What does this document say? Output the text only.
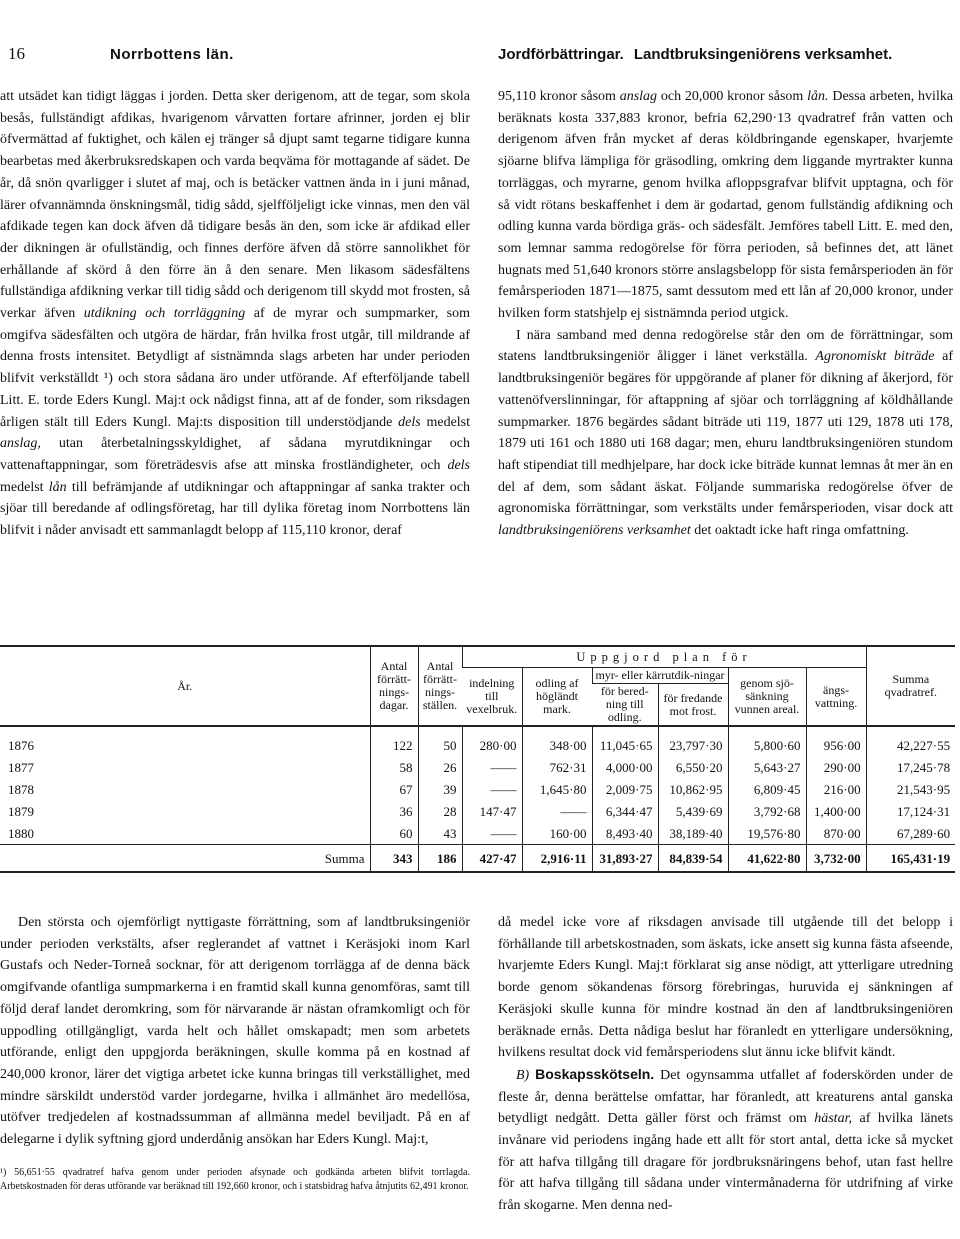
16	Norrbottens län.	Jordförbättringar. Landtbruksingeniörens verksamhet.

att utsädet kan tidigt läggas i jorden. Detta sker derigenom, att de tegar, som skola besås, fullständigt afdikas, hvarigenom vårvatten fortare afrinner, jorden ej blir öfvermättad af fuktighet, och kälen ej tränger så djupt samt tegarne tidigare kunna bearbetas med åkerbruksredskapen och varda beqväma för mottagande af sädet. De år, då snön qvarligger i slutet af maj, och is betäcker vattnen ända in i juni månad, lärer ofvannämnda önskningsmål, tidig sådd, sjelfföljeligt icke vinnas, men den väl afdikade tegen kan dock äfven då tidigare besås än den, som icke är afdikad eller der dikningen är ofullständig, och finnes derföre äfven då större sannolikhet för erhållande af skörd å den förre än å den senare. Men likasom sädesfältens fullständiga afdikning verkar till tidig sådd och derigenom till skydd mot frosten, så verkar äfven utdikning och torrläggning af de myrar och sumpmarker, som omgifva sädesfälten och utgöra de härdar, från hvilka frost utgår, till mildrande af denna frosts intensitet. Betydligt af sistnämnda slags arbeten har under perioden blifvit verkställdt ¹) och stora sådana äro under utförande. Af efterföljande tabell Litt. E. torde Eders Kungl. Maj:t ock nådigst finna, att af de fonder, som riksdagen årligen stält till Eders Kungl. Maj:ts disposition till understödjande dels medelst anslag, utan återbetalningsskyldighet, af sådana myrutdikningar och vattenaftappningar, som företrädesvis afse att minska frostländigheter, och dels medelst lån till befrämjande af utdikningar och aftappningar af sanka trakter och sjöar till beredande af odlingsföretag, har till dylika företag inom Norrbottens län blifvit i nåder anvisadt ett sammanlagdt belopp af 115,110 kronor, deraf

95,110 kronor såsom anslag och 20,000 kronor såsom lån. Dessa arbeten, hvilka beräknats kosta 337,883 kronor, befria 62,290·13 qvadratref från vatten och derigenom äfven från mycket af deras köldbringande egenskaper, hvarjemte sjöarne blifva lämpliga för gräsodling, omkring dem liggande myrtrakter kunna torrläggas, och myrarne, genom hvilka afloppsgrafvar blifvit upptagna, och för så vidt rötans beskaffenhet i dem är godartad, genom fullständig afdikning och odling kunna varda bördiga gräs- och sädesfält. Jemföres tabell Litt. E. med den, som lemnar samma redogörelse för förra perioden, så befinnes det, att länet hugnats med 51,640 kronors större anslagsbelopp för sista femårsperioden än för femårsperioden 1871—1875, samt dessutom med ett lån af 20,000 kronor, under hvilken form statshjelp ej sistnämnda period utgick.

I nära samband med denna redogörelse står den om de förrättningar, som statens landtbruksingeniör åligger i länet verkställa. Agronomiskt biträde af landtbruksingeniör begäres för uppgörande af planer för dikning af åkerjord, för vattenöfverslinningar, för aftappning af sjöar och torrläggning af köldhållande sumpmarker. 1876 begärdes sådant biträde uti 119, 1877 uti 129, 1878 uti 178, 1879 uti 161 och 1880 uti 168 dagar; men, ehuru landtbruksingeniören stundom haft stipendiat till medhjelpare, har dock icke biträde kunnat lemnas åt mer än en del af dem, som sådant äskat. Följande summariska redogörelse öfver de agronomiska förrättningar, som verkstälts under femårsperioden, visar dock att landtbruksingeniörens verksamhet det oaktadt icke haft ringa omfattning.

År.	Antal förrätt-nings-dagar.	Antal förrätt-nings-ställen.	Uppgjord plan för						Summa qvadratref.
			indelning till vexelbruk.	odling af högländt mark.	myr- eller kärrutdik-ningar		genom sjö-sänkning vunnen areal.	ängs-vattning.	
					för bered-ning till odling.	för fredande mot frost.			
1876	122	50	280·00	348·00	11,045·65	23,797·30	5,800·60	956·00	42,227·55
1877	58	26	——	762·31	4,000·00	6,550·20	5,643·27	290·00	17,245·78
1878	67	39	——	1,645·80	2,009·75	10,862·95	6,809·45	216·00	21,543·95
1879	36	28	147·47	——	6,344·47	5,439·69	3,792·68	1,400·00	17,124·31
1880	60	43	——	160·00	8,493·40	38,189·40	19,576·80	870·00	67,289·60
Summa	343	186	427·47	2,916·11	31,893·27	84,839·54	41,622·80	3,732·00	165,431·19

Den största och ojemförligt nyttigaste förrättning, som af landtbruksingeniör under perioden verkstälts, afser reglerandet af vattnet i Keräsjoki inom Karl Gustafs och Neder-Torneå socknar, för att derigenom torrlägga af de denna bäck omgifvande ofantliga sumpmarkerna i en framtid skall kunna genomföras, samt till följd deraf landet deromkring, som för närvarande är nästan oframkomligt och för uppodling otillgängligt, varda helt och hållet omskapadt; men som arbetets utförande, enligt den uppgjorda beräkningen, skulle komma på en kostnad af 240,000 kronor, lärer det vigtiga arbetet icke kunna bringas till verkställighet, med mindre särskildt understöd varder jordegarne, hvilka i allmänhet äro medellösa, utöfver tredjedelen af kostnadssumman af allmänna medel beviljadt. På en af delegarne i dylik syftning gjord underdånig ansökan har Eders Kungl. Maj:t,

då medel icke vore af riksdagen anvisade till utgående till det belopp i förhållande till arbetskostnaden, som äskats, icke ansett sig kunna fästa afseende, hvarjemte Eders Kungl. Maj:t förklarat sig anse nödigt, att ytterligare utredning borde genom sökandenas försorg förebringas, huruvida ej sänkningen af Keräsjoki skulle kunna för mindre kostnad än den af landtbruksingeniören beräknade ernås. Detta nådiga beslut har föranledt en ytterligare undersökning, hvilkens resultat dock vid femårsperiodens slut ännu icke blifvit kändt.

B) Boskapsskötseln. Det ogynsamma utfallet af foderskörden under de fleste år, denna berättelse omfattar, har föranledt, att kreaturens antal ganska betydligt nedgått. Detta gäller först och främst om hästar, af hvilka länets invånare vid periodens ingång hade ett allt för stort antal, detta icke så mycket för att hafva tillgång till dragare för jordbruksnäringens behof, utan fast hellre för att hafva tillgång till sådana under vintermånaderna för utdrifning af virke från skogarne. Men denna ned-

¹) 56,651·55 qvadratref hafva genom under perioden afsynade och godkända arbeten blifvit torrlagda. Arbetskostnaden för deras utförande var beräknad till 192,660 kronor, och i statsbidrag hafva åtnjutits 62,491 kronor.
